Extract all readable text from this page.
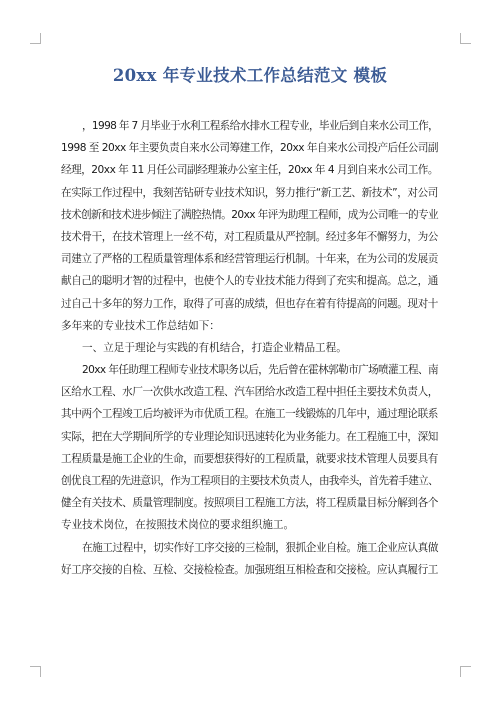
20xx 年专业技术工作总结范文 模板
，1998 年 7 月毕业于水利工程系给水排水工程专业，毕业后到自来水公司工作，
1998 至 20xx 年主要负责自来水公司筹建工作，20xx 年自来水公司投产后任公司副
经理，20xx 年 11 月任公司副经理兼办公室主任，20xx 年 4 月到自来水公司工作。
在实际工作过程中，我刻苦钻研专业技术知识，努力推行“新工艺、新技术”，对公司
技术创新和技术进步倾注了满腔热情。20xx 年评为助理工程师，成为公司唯一的专业
技术骨干，在技术管理上一丝不苟，对工程质量从严控制。经过多年不懈努力，为公
司建立了严格的工程质量管理体系和经营管理运行机制。十年来，在为公司的发展贡
献自己的聪明才智的过程中，也使个人的专业技术能力得到了充实和提高。总之，通
过自己十多年的努力工作，取得了可喜的成绩，但也存在着有待提高的问题。现对十
多年来的专业技术工作总结如下：
一、立足于理论与实践的有机结合，打造企业精品工程。
20xx 年任助理工程师专业技术职务以后，先后曾在霍林郭勒市广场喷灌工程、南
区给水工程、水厂一次供水改造工程、汽车团给水改造工程中担任主要技术负责人，
其中两个工程竣工后均被评为市优质工程。在施工一线锻炼的几年中，通过理论联系
实际，把在大学期间所学的专业理论知识迅速转化为业务能力。在工程施工中，深知
工程质量是施工企业的生命，而要想获得好的工程质量，就要求技术管理人员要具有
创优良工程的先进意识，作为工程项目的主要技术负责人，由我牵头，首先着手建立、
健全有关技术、质量管理制度。按照项目工程施工方法，将工程质量目标分解到各个
专业技术岗位，在按照技术岗位的要求组织施工。
在施工过程中，切实作好工序交接的三检制，狠抓企业自检。施工企业应认真做
好工序交接的自检、互检、交接检检查。加强班组互相检查和交接检。应认真履行工
